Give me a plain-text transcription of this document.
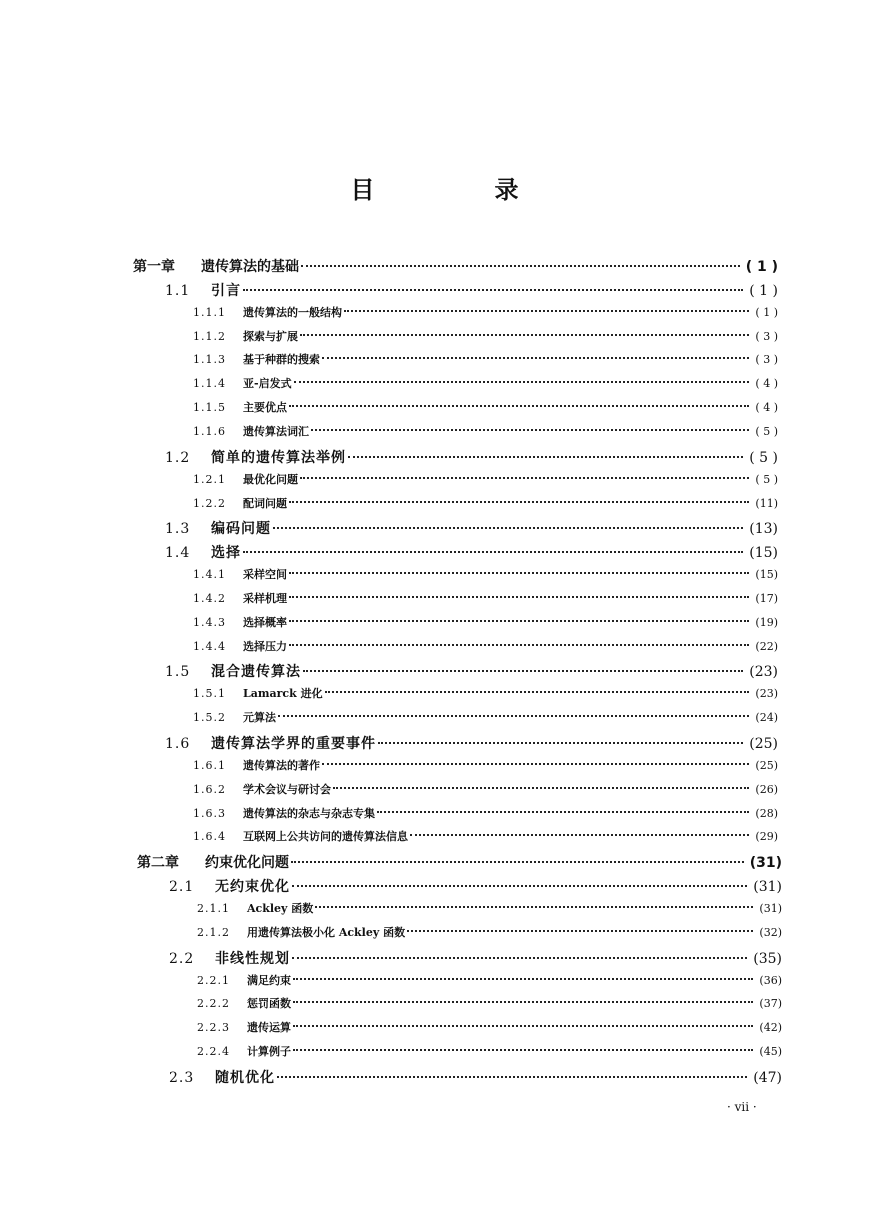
目　录
第一章	遗传算法的基础	( 1 )
1.1	引言	( 1 )
1.1.1	遗传算法的一般结构	( 1 )
1.1.2	探索与扩展	( 3 )
1.1.3	基于种群的搜索	( 3 )
1.1.4	亚-启发式	( 4 )
1.1.5	主要优点	( 4 )
1.1.6	遗传算法词汇	( 5 )
1.2	简单的遗传算法举例	( 5 )
1.2.1	最优化问题	( 5 )
1.2.2	配词问题	(11)
1.3	编码问题	(13)
1.4	选择	(15)
1.4.1	采样空间	(15)
1.4.2	采样机理	(17)
1.4.3	选择概率	(19)
1.4.4	选择压力	(22)
1.5	混合遗传算法	(23)
1.5.1	Lamarck 进化	(23)
1.5.2	元算法	(24)
1.6	遗传算法学界的重要事件	(25)
1.6.1	遗传算法的著作	(25)
1.6.2	学术会议与研讨会	(26)
1.6.3	遗传算法的杂志与杂志专集	(28)
1.6.4	互联网上公共访问的遗传算法信息	(29)
第二章	约束优化问题	(31)
2.1	无约束优化	(31)
2.1.1	Ackley 函数	(31)
2.1.2	用遗传算法极小化 Ackley 函数	(32)
2.2	非线性规划	(35)
2.2.1	满足约束	(36)
2.2.2	惩罚函数	(37)
2.2.3	遗传运算	(42)
2.2.4	计算例子	(45)
2.3	随机优化	(47)
· vii ·
